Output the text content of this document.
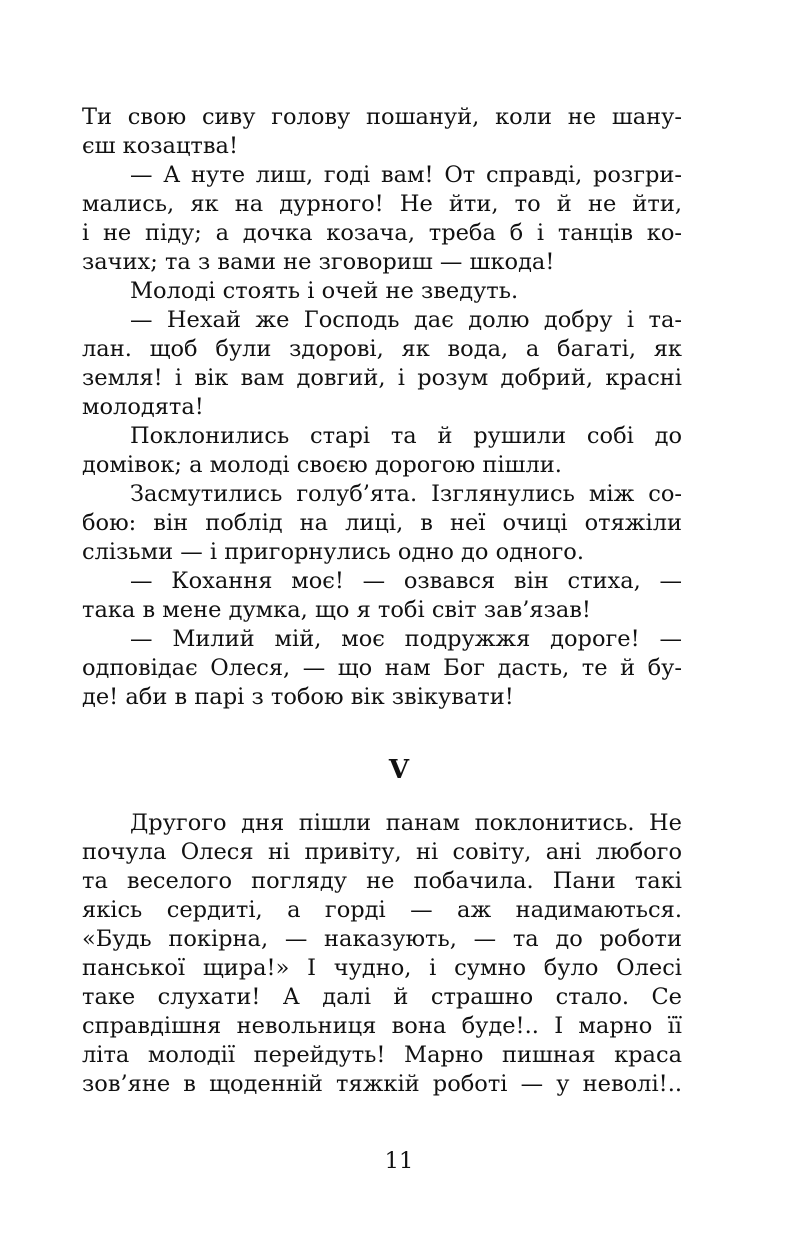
Ти свою сиву голову пошануй, коли не шану-
єш козацтва!
— А нуте лиш, годі вам! От справді, розгри-
мались, як на дурного! Не йти, то й не йти,
і не піду; а дочка козача, треба б і танців ко-
зачих; та з вами не зговориш — шкода!
Молоді стоять і очей не зведуть.
— Нехай же Господь дає долю добру і та-
лан. щоб були здорові, як вода, а багаті, як
земля! і вік вам довгий, і розум добрий, красні
молодята!
Поклонились старі та й рушили собі до
домівок; а молоді своєю дорогою пішли.
Засмутились голуб’ята. Ізглянулись між со-
бою: він поблід на лиці, в неї очиці отяжіли
слізьми — і пригорнулись одно до одного.
— Кохання моє! — озвався він стиха, —
така в мене думка, що я тобі світ зав’язав!
— Милий мій, моє подружжя дороге! —
одповідає Олеся, — що нам Бог дасть, те й бу-
де! аби в парі з тобою вік звікувати!
V
Другого дня пішли панам поклонитись. Не
почула Олеся ні привіту, ні совіту, ані любого
та веселого погляду не побачила. Пани такі
якісь сердиті, а горді — аж надимаються.
«Будь покірна, — наказують, — та до роботи
панської щира!» І чудно, і сумно було Олесі
таке слухати! А далі й страшно стало. Се
справдішня невольниця вона буде!.. І марно її
літа молодії перейдуть! Марно пишная краса
зов’яне в щоденній тяжкій роботі — у неволі!..
11
